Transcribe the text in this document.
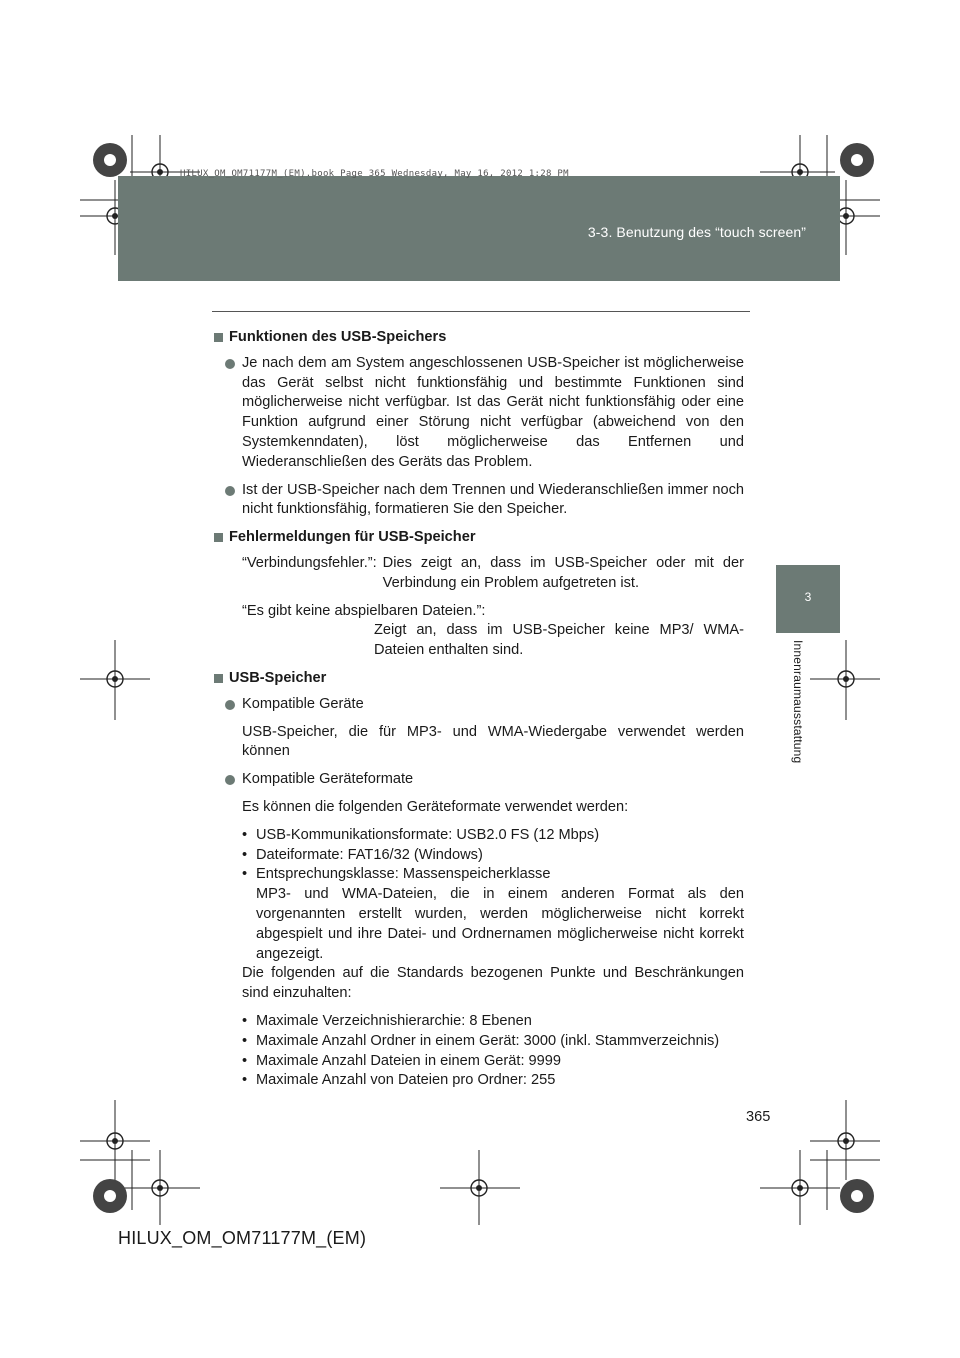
3-3. Benutzung des “touch screen”
HILUX_OM_OM71177M_(EM).book Page 365 Wednesday, May 16, 2012 1:28 PM
3
Innenraumausstattung
Funktionen des USB-Speichers
Je nach dem am System angeschlossenen USB-Speicher ist möglicherweise das Gerät selbst nicht funktionsfähig und bestimmte Funktionen sind möglicherweise nicht verfügbar. Ist das Gerät nicht funktionsfähig oder eine Funktion aufgrund einer Störung nicht verfügbar (abweichend von den Systemkenndaten), löst möglicherweise das Entfernen und Wiederanschließen des Geräts das Problem.
Ist der USB-Speicher nach dem Trennen und Wiederanschließen immer noch nicht funktionsfähig, formatieren Sie den Speicher.
Fehlermeldungen für USB-Speicher
“Verbindungsfehler.”: Dies zeigt an, dass im USB-Speicher oder mit der Verbindung ein Problem aufgetreten ist.
“Es gibt keine abspielbaren Dateien.”:
Zeigt an, dass im USB-Speicher keine MP3/ WMA-Dateien enthalten sind.
USB-Speicher
Kompatible Geräte
USB-Speicher, die für MP3- und WMA-Wiedergabe verwendet werden können
Kompatible Geräteformate
Es können die folgenden Geräteformate verwendet werden:
• USB-Kommunikationsformate: USB2.0 FS (12 Mbps)
• Dateiformate: FAT16/32 (Windows)
• Entsprechungsklasse: Massenspeicherklasse
MP3- und WMA-Dateien, die in einem anderen Format als den vorgenannten erstellt wurden, werden möglicherweise nicht korrekt abgespielt und ihre Datei- und Ordnernamen möglicherweise nicht korrekt angezeigt.
Die folgenden auf die Standards bezogenen Punkte und Beschränkungen sind einzuhalten:
• Maximale Verzeichnishierarchie: 8 Ebenen
• Maximale Anzahl Ordner in einem Gerät: 3000 (inkl. Stammverzeichnis)
• Maximale Anzahl Dateien in einem Gerät: 9999
• Maximale Anzahl von Dateien pro Ordner: 255
365
HILUX_OM_OM71177M_(EM)
